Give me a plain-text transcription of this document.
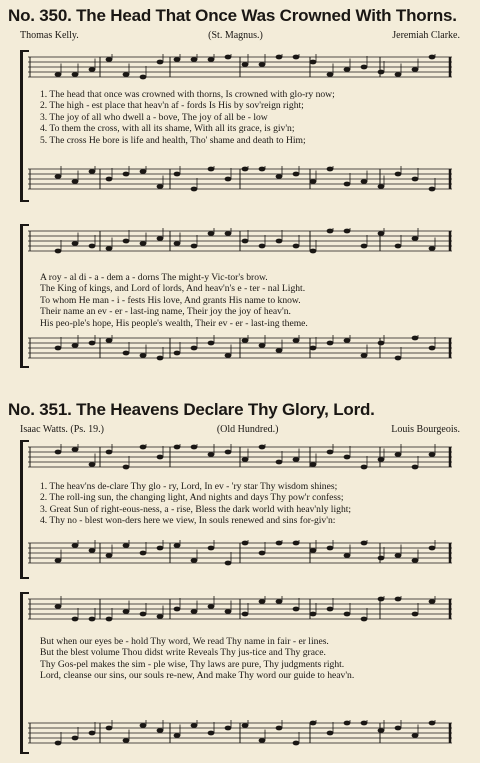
No. 350. The Head That Once Was Crowned With Thorns.
Thomas Kelly.	(St. Magnus.)	Jeremiah Clarke.
1. The head that once was crowned with thorns, Is crowned with glo-ry now;
2. The high - est place that heav'n af - fords Is His by sov'reign right;
3. The joy of all who dwell a - bove, The joy of all be - low
4. To them the cross, with all its shame, With all its grace, is giv'n;
5. The cross He bore is life and health, Tho' shame and death to Him;
A roy - al di - a - dem a - dorns The might-y Vic-tor's brow.
The King of kings, and Lord of lords, And heav'n's e - ter - nal Light.
To whom He man - i - fests His love, And grants His name to know.
Their name an ev - er - last-ing name, Their joy the joy of heav'n.
His peo-ple's hope, His people's wealth, Their ev - er - last-ing theme.
No. 351. The Heavens Declare Thy Glory, Lord.
Isaac Watts. (Ps. 19.)	(Old Hundred.)	Louis Bourgeois.
1. The heav'ns de-clare Thy glo - ry, Lord, In ev - 'ry star Thy wisdom shines;
2. The roll-ing sun, the changing light, And nights and days Thy pow'r confess;
3. Great Sun of right-eous-ness, a - rise, Bless the dark world with heav'nly light;
4. Thy no - blest won-ders here we view, In souls renewed and sins for-giv'n:
But when our eyes be - hold Thy word, We read Thy name in fair - er lines.
But the blest volume Thou didst write Reveals Thy jus-tice and Thy grace.
Thy Gos-pel makes the sim - ple wise, Thy laws are pure, Thy judgments right.
Lord, cleanse our sins, our souls re-new, And make Thy word our guide to heav'n.
